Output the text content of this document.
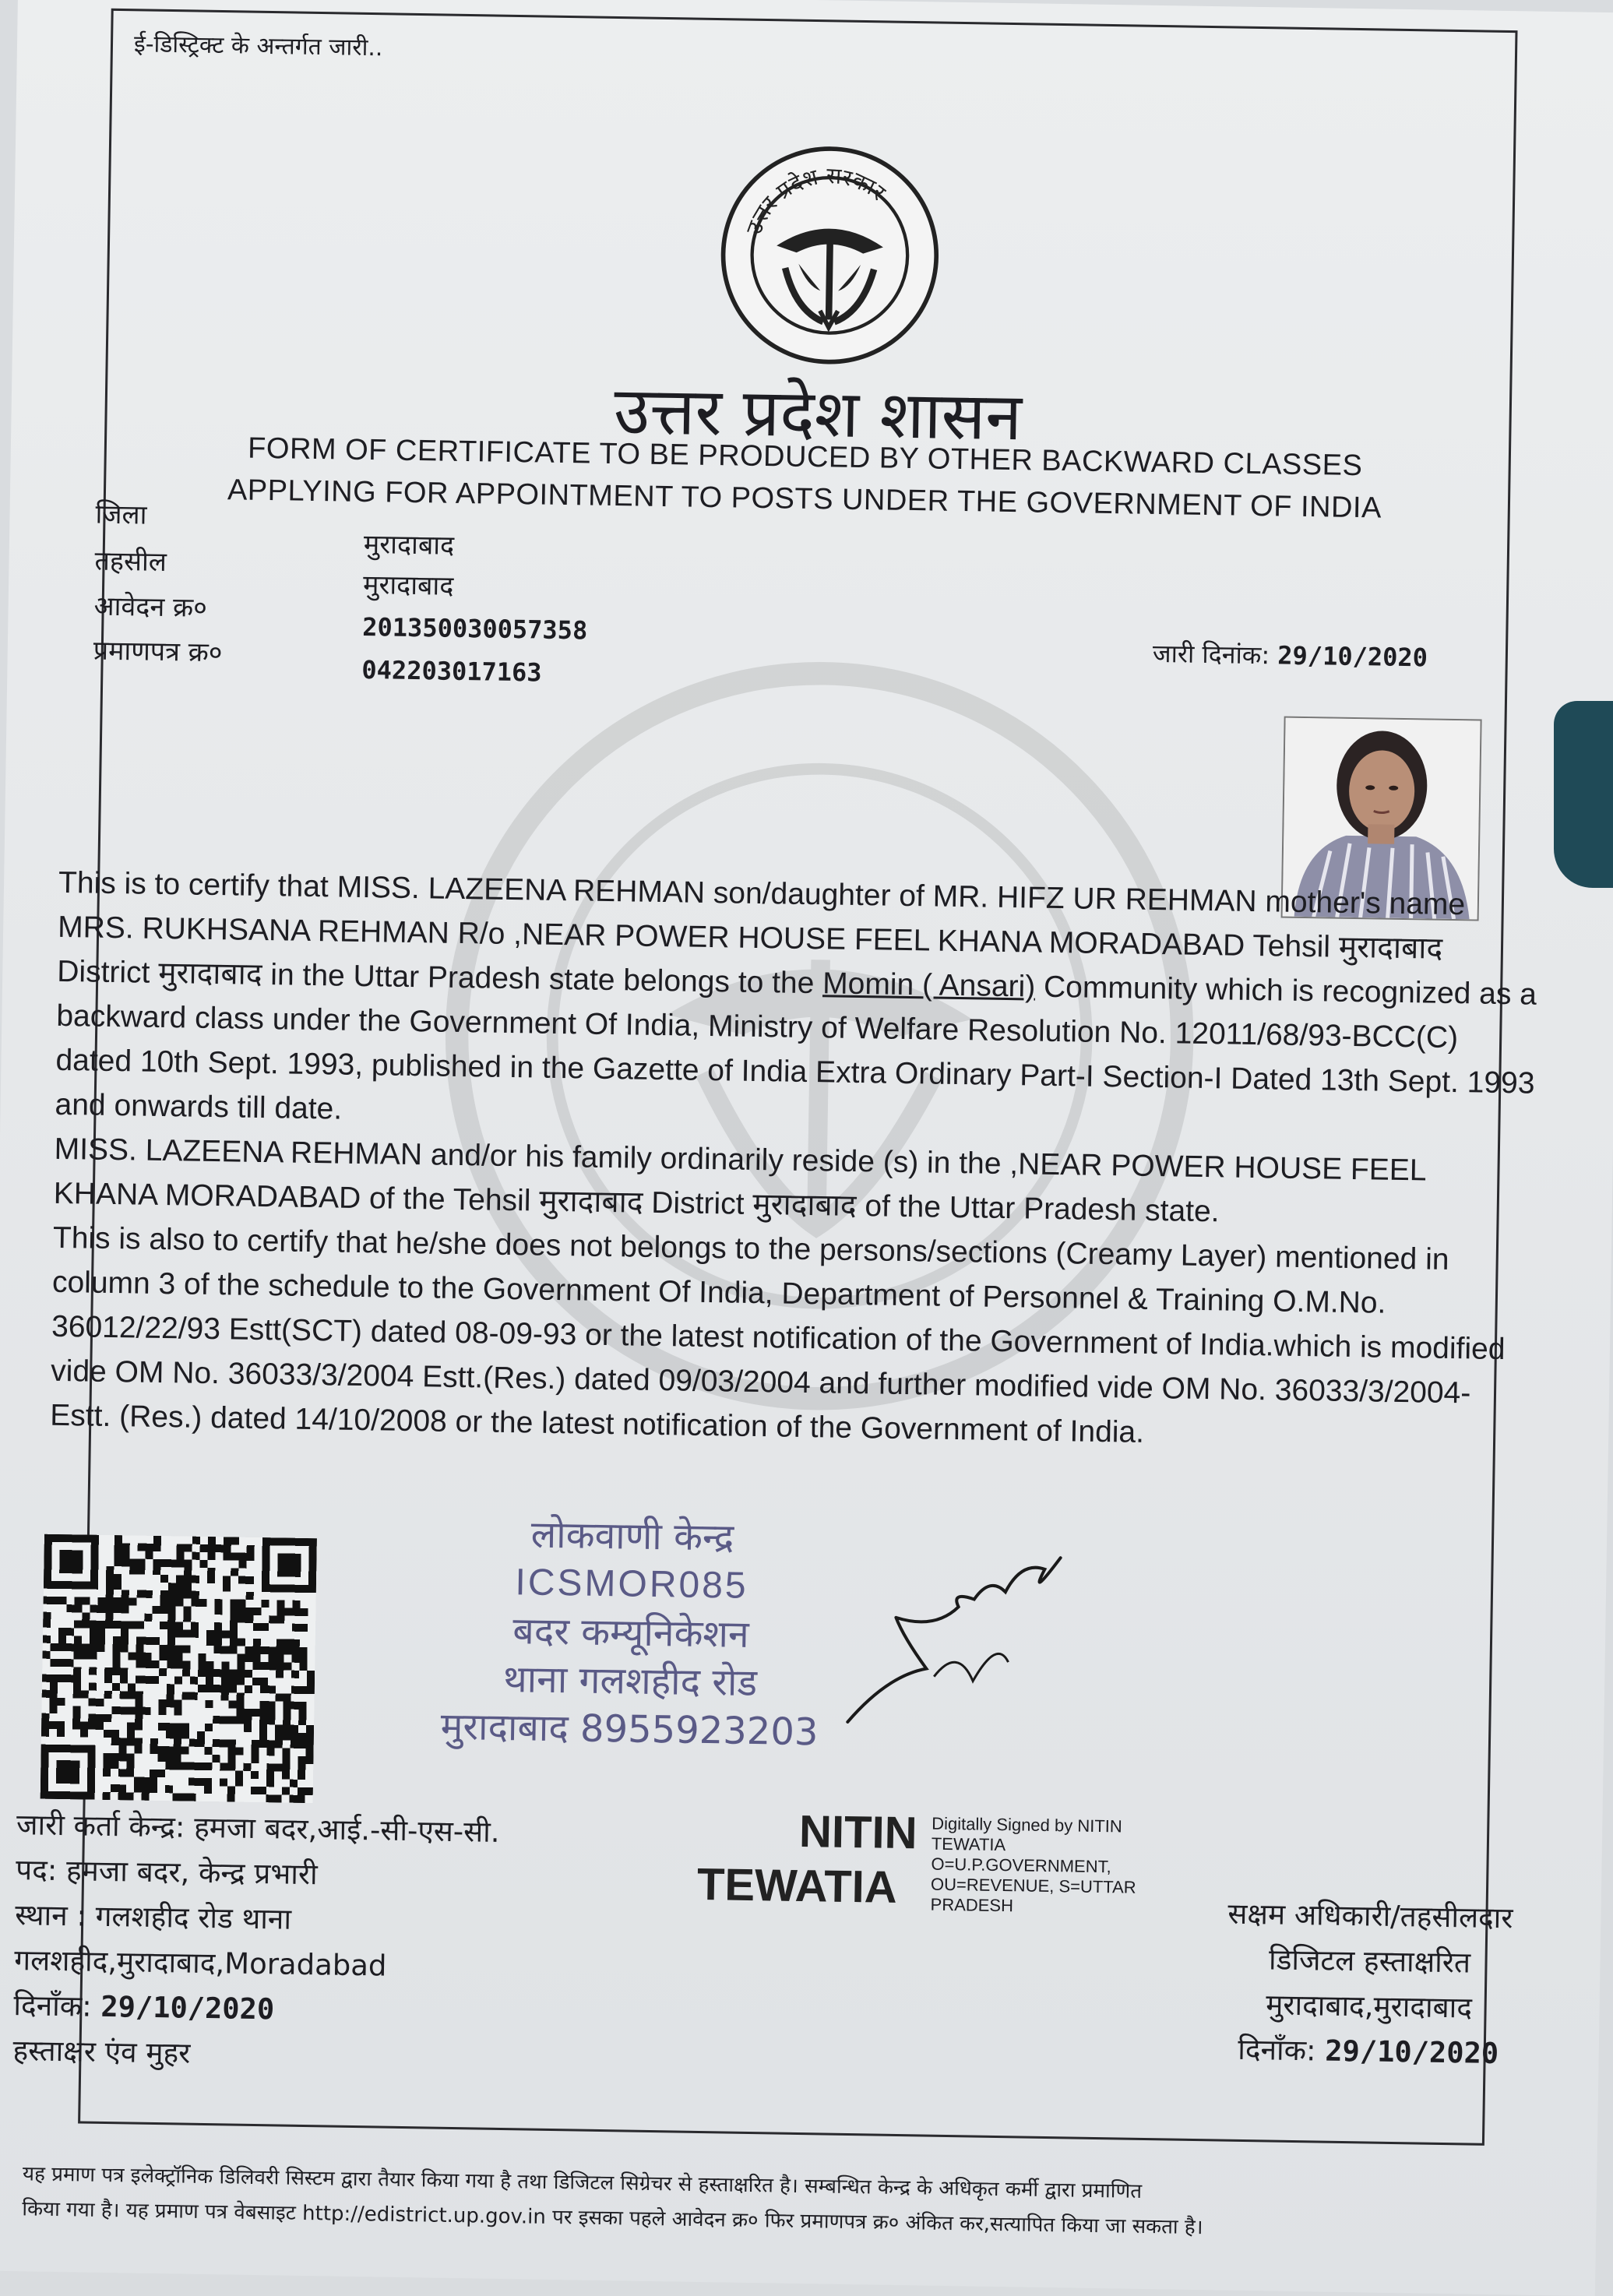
ई-डिस्ट्रिक्ट के अन्तर्गत जारी..
उत्तर प्रदेश सरकार
उत्तर प्रदेश शासन
FORM OF CERTIFICATE TO BE PRODUCED BY OTHER BACKWARD CLASSES
APPLYING FOR APPOINTMENT TO POSTS UNDER THE GOVERNMENT OF INDIA
जिला
मुरादाबाद
तहसील
मुरादाबाद
आवेदन क्र०
201350030057358
प्रमाणपत्र क्र०
042203017163
जारी दिनांक: 29/10/2020

This is to certify that MISS. LAZEENA REHMAN son/daughter of MR. HIFZ UR REHMAN mother's name MRS. RUKHSANA REHMAN R/o ,NEAR POWER HOUSE FEEL KHANA MORADABAD Tehsil मुरादाबाद District मुरादाबाद in the Uttar Pradesh state belongs to the Momin ( Ansari) Community which is recognized as a backward class under the Government Of India, Ministry of Welfare Resolution No. 12011/68/93-BCC(C) dated 10th Sept. 1993, published in the Gazette of India Extra Ordinary Part-I Section-I Dated 13th Sept. 1993 and onwards till date.

MISS. LAZEENA REHMAN and/or his family ordinarily reside (s) in the ,NEAR POWER HOUSE FEEL KHANA MORADABAD of the Tehsil मुरादाबाद District मुरादाबाद of the Uttar Pradesh state.

This is also to certify that he/she does not belongs to the persons/sections (Creamy Layer) mentioned in column 3 of the schedule to the Government Of India, Department of Personnel & Training O.M.No. 36012/22/93 Estt(SCT) dated 08-09-93 or the latest notification of the Government of India.which is modified vide OM No. 36033/3/2004 Estt.(Res.) dated 09/03/2004 and further modified vide OM No. 36033/3/2004-Estt. (Res.) dated 14/10/2008 or the latest notification of the Government of India.

लोकवाणी केन्द्र
ICSMOR085
बदर कम्यूनिकेशन
थाना गलशहीद रोड
मुरादाबाद 8955923203
जारी कर्ता केन्द्र: हमजा बदर,आई.-सी-एस-सी.
पद: हमजा बदर, केन्द्र प्रभारी
स्थान : गलशहीद रोड थाना
गलशहीद,मुरादाबाद,Moradabad
दिनाँक: 29/10/2020
हस्ताक्षर एंव मुहर
NITIN
TEWATIA
Digitally Signed by NITIN
TEWATIA
O=U.P.GOVERNMENT,
OU=REVENUE, S=UTTAR
PRADESH	सक्षम अधिकारी/तहसीलदार
डिजिटल हस्ताक्षरित
मुरादाबाद,मुरादाबाद
दिनाँक: 29/10/2020
यह प्रमाण पत्र इलेक्ट्रॉनिक डिलिवरी सिस्टम द्वारा तैयार किया गया है तथा डिजिटल सिग्रेचर से हस्ताक्षरित है। सम्बन्धित केन्द्र के अधिकृत कर्मी द्वारा प्रमाणित
किया गया है। यह प्रमाण पत्र वेबसाइट http://edistrict.up.gov.in पर इसका पहले आवेदन क्र० फिर प्रमाणपत्र क्र० अंकित कर,सत्यापित किया जा सकता है।
